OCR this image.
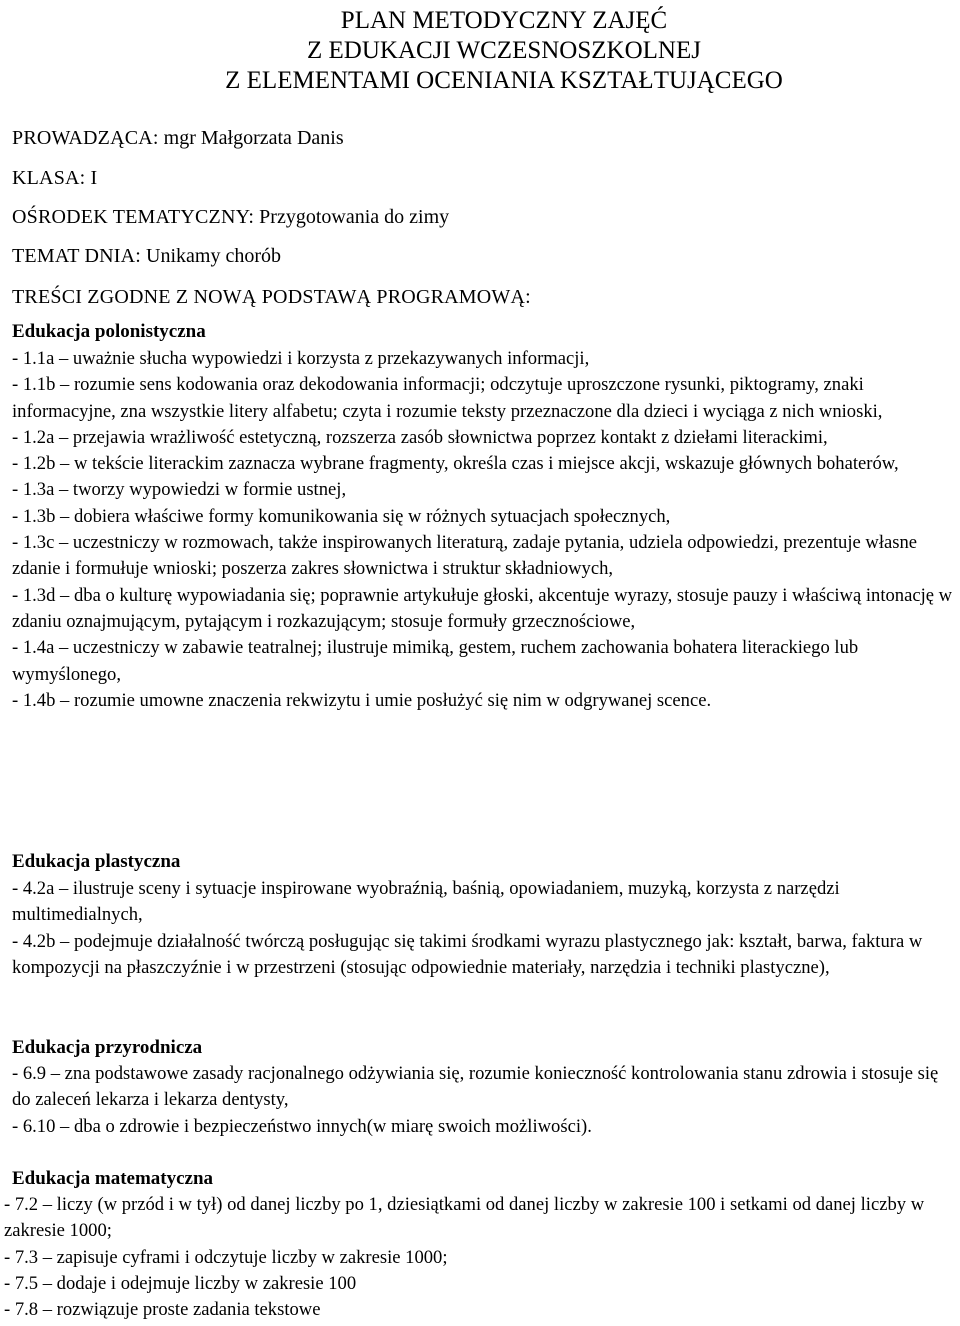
PLAN METODYCZNY ZAJĘĆ
Z EDUKACJI WCZESNOSZKOLNEJ
Z ELEMENTAMI OCENIANIA KSZTAŁTUJĄCEGO
PROWADZĄCA: mgr Małgorzata Danis
KLASA: I
OŚRODEK TEMATYCZNY: Przygotowania do zimy
TEMAT DNIA: Unikamy chorób
TREŚCI ZGODNE Z NOWĄ PODSTAWĄ PROGRAMOWĄ:
Edukacja polonistyczna

- 1.1a – uważnie słucha wypowiedzi i korzysta z przekazywanych informacji,

- 1.1b – rozumie sens kodowania oraz dekodowania informacji; odczytuje uproszczone rysunki, piktogramy, znaki informacyjne, zna wszystkie litery alfabetu; czyta i rozumie teksty przeznaczone dla dzieci i wyciąga z nich wnioski,

- 1.2a – przejawia wrażliwość estetyczną, rozszerza zasób słownictwa poprzez kontakt z dziełami literackimi,

- 1.2b – w tekście literackim zaznacza wybrane fragmenty, określa czas i miejsce akcji, wskazuje głównych bohaterów,

- 1.3a – tworzy wypowiedzi w formie ustnej,

- 1.3b – dobiera właściwe formy komunikowania się w różnych sytuacjach społecznych,

- 1.3c – uczestniczy w rozmowach, także inspirowanych literaturą, zadaje pytania, udziela odpowiedzi, prezentuje własne zdanie i formułuje wnioski; poszerza zakres słownictwa i struktur składniowych,

- 1.3d – dba o kulturę wypowiadania się; poprawnie artykułuje głoski, akcentuje wyrazy, stosuje pauzy i właściwą intonację w zdaniu oznajmującym, pytającym i rozkazującym; stosuje formuły grzecznościowe,

- 1.4a – uczestniczy w zabawie teatralnej; ilustruje mimiką, gestem, ruchem zachowania bohatera literackiego lub wymyślonego,

- 1.4b – rozumie umowne znaczenia rekwizytu i umie posłużyć się nim w odgrywanej scence.

Edukacja plastyczna

- 4.2a – ilustruje sceny i sytuacje inspirowane wyobraźnią, baśnią, opowiadaniem, muzyką, korzysta z narzędzi multimedialnych,

- 4.2b – podejmuje działalność twórczą posługując się takimi środkami wyrazu plastycznego jak: kształt, barwa, faktura w kompozycji na płaszczyźnie i w przestrzeni (stosując odpowiednie materiały, narzędzia i techniki plastyczne),

Edukacja przyrodnicza

- 6.9 – zna podstawowe zasady racjonalnego odżywiania się, rozumie konieczność kontrolowania stanu zdrowia i stosuje się do zaleceń lekarza i lekarza dentysty,

- 6.10 – dba o zdrowie i bezpieczeństwo innych(w miarę swoich możliwości).

Edukacja matematyczna

- 7.2 – liczy (w przód i w tył) od danej liczby po 1, dziesiątkami od danej liczby w zakresie 100 i setkami od danej liczby w zakresie 1000;

- 7.3 – zapisuje cyframi i odczytuje liczby w zakresie 1000;

- 7.5 – dodaje i odejmuje liczby w zakresie 100

- 7.8 – rozwiązuje proste zadania tekstowe
